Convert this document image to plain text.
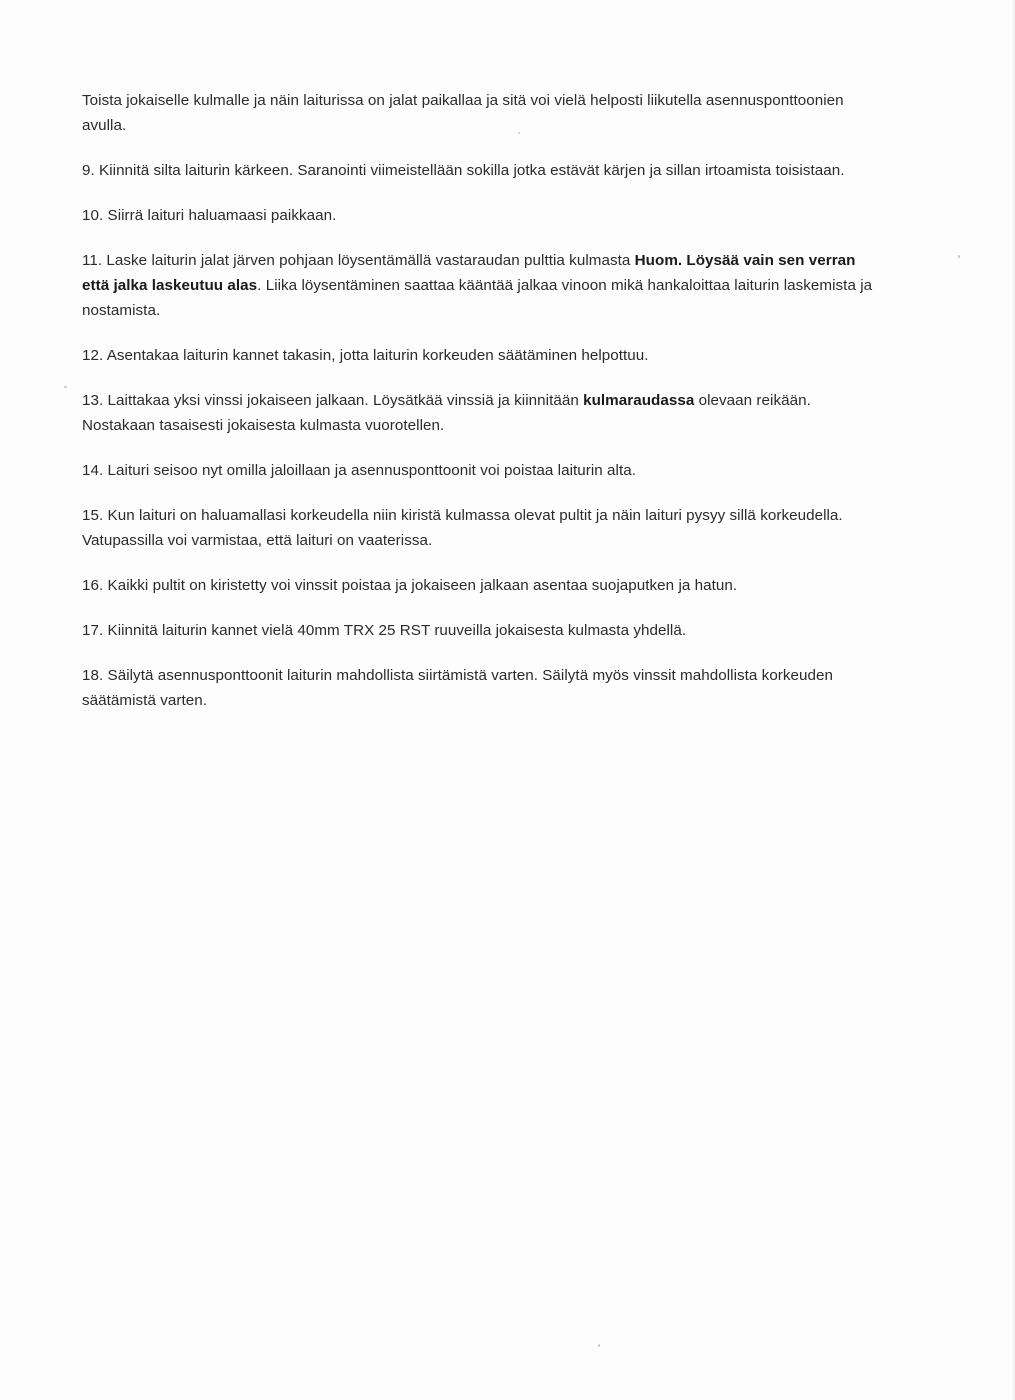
Toista jokaiselle kulmalle ja näin laiturissa on jalat paikallaa ja sitä voi vielä helposti liikutella asennusponttoonien avulla.

9. Kiinnitä silta laiturin kärkeen. Saranointi viimeistellään sokilla jotka estävät kärjen ja sillan irtoamista toisistaan.

10. Siirrä laituri haluamaasi paikkaan.

11. Laske laiturin jalat järven pohjaan löysentämällä vastaraudan pulttia kulmasta Huom. Löysää vain sen verran että jalka laskeutuu alas. Liika löysentäminen saattaa kääntää jalkaa vinoon mikä hankaloittaa laiturin laskemista ja nostamista.

12. Asentakaa laiturin kannet takasin, jotta laiturin korkeuden säätäminen helpottuu.

13. Laittakaa yksi vinssi jokaiseen jalkaan. Löysätkää vinssiä ja kiinnitään kulmaraudassa olevaan reikään. Nostakaan tasaisesti jokaisesta kulmasta vuorotellen.

14. Laituri seisoo nyt omilla jaloillaan ja asennusponttoonit voi poistaa laiturin alta.

15. Kun laituri on haluamallasi korkeudella niin kiristä kulmassa olevat pultit ja näin laituri pysyy sillä korkeudella. Vatupassilla voi varmistaa, että laituri on vaaterissa.

16. Kaikki pultit on kiristetty voi vinssit poistaa ja jokaiseen jalkaan asentaa suojaputken ja hatun.

17. Kiinnitä laiturin kannet vielä 40mm TRX 25 RST ruuveilla jokaisesta kulmasta yhdellä.

18. Säilytä asennusponttoonit laiturin mahdollista siirtämistä varten. Säilytä myös vinssit mahdollista korkeuden säätämistä varten.
